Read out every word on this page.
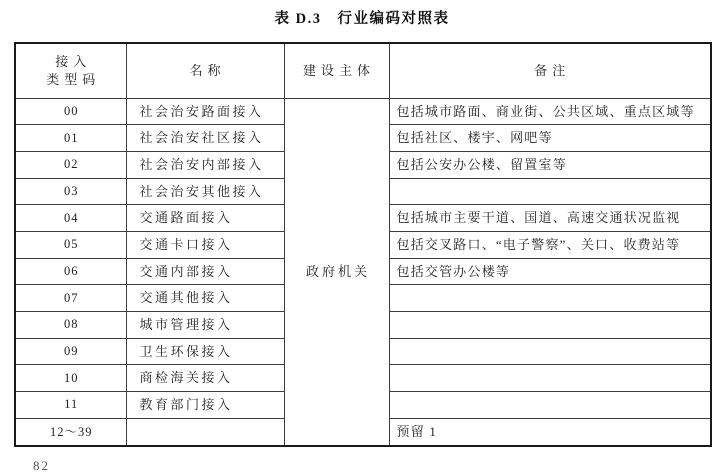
表 D.3　行业编码对照表
接入
类型码	名称	建设主体	备注
00	社会治安路面接入	政府机关	包括城市路面、商业街、公共区域、重点区域等
01	社会治安社区接入		包括社区、楼宇、网吧等
02	社会治安内部接入		包括公安办公楼、留置室等
03	社会治安其他接入		
04	交通路面接入		包括城市主要干道、国道、高速交通状况监视
05	交通卡口接入		包括交叉路口、“电子警察”、关口、收费站等
06	交通内部接入		包括交管办公楼等
07	交通其他接入		
08	城市管理接入		
09	卫生环保接入		
10	商检海关接入		
11	教育部门接入		
12～39			预留 1
82
